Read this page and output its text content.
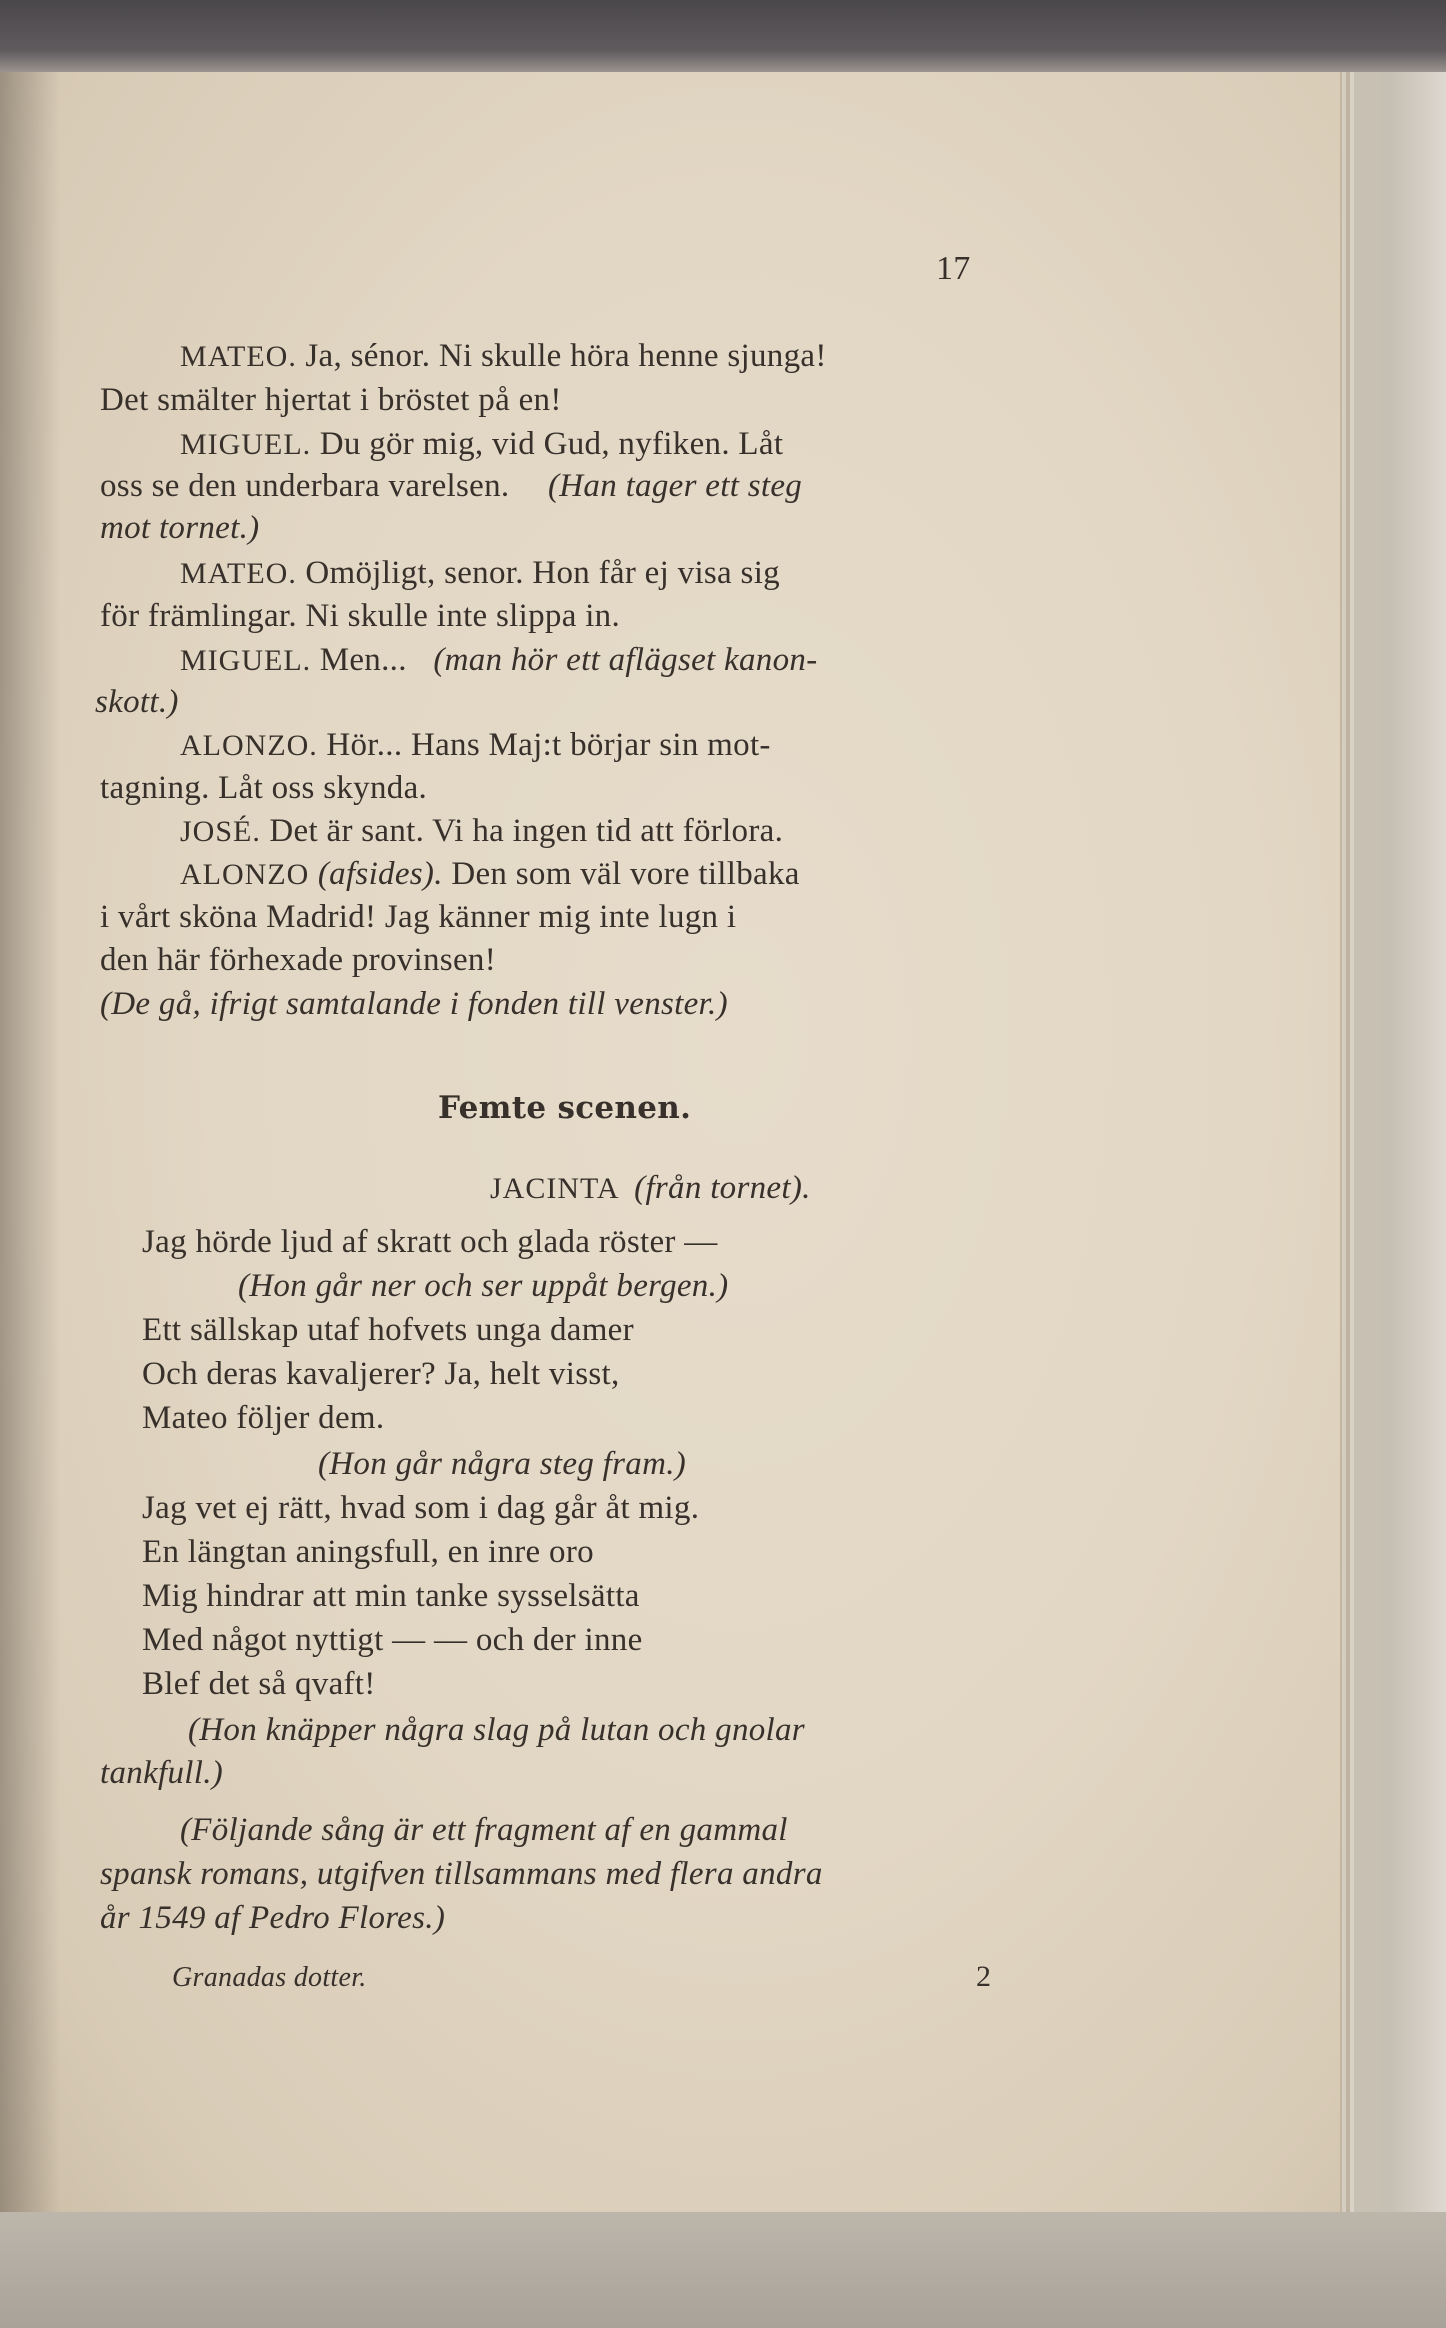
17
MATEO. Ja, sénor. Ni skulle höra henne sjunga!
Det smälter hjertat i bröstet på en!
MIGUEL. Du gör mig, vid Gud, nyfiken. Låt
oss se den underbara varelsen. (Han tager ett steg
mot tornet.)
MATEO. Omöjligt, senor. Hon får ej visa sig
för främlingar. Ni skulle inte slippa in.
MIGUEL. Men... (man hör ett aflägset kanon-
skott.)
ALONZO. Hör... Hans Maj:t börjar sin mot-
tagning. Låt oss skynda.
JOSÉ. Det är sant. Vi ha ingen tid att förlora.
ALONZO (afsides). Den som väl vore tillbaka
i vårt sköna Madrid! Jag känner mig inte lugn i
den här förhexade provinsen!
(De gå, ifrigt samtalande i fonden till venster.)
Femte scenen.
JACINTA (från tornet).
Jag hörde ljud af skratt och glada röster —
(Hon går ner och ser uppåt bergen.)
Ett sällskap utaf hofvets unga damer
Och deras kavaljerer? Ja, helt visst,
Mateo följer dem.
(Hon går några steg fram.)
Jag vet ej rätt, hvad som i dag går åt mig.
En längtan aningsfull, en inre oro
Mig hindrar att min tanke sysselsätta
Med något nyttigt — — och der inne
Blef det så qvaft!
(Hon knäpper några slag på lutan och gnolar
tankfull.)
(Följande sång är ett fragment af en gammal
spansk romans, utgifven tillsammans med flera andra
år 1549 af Pedro Flores.)
Granadas dotter.	2
